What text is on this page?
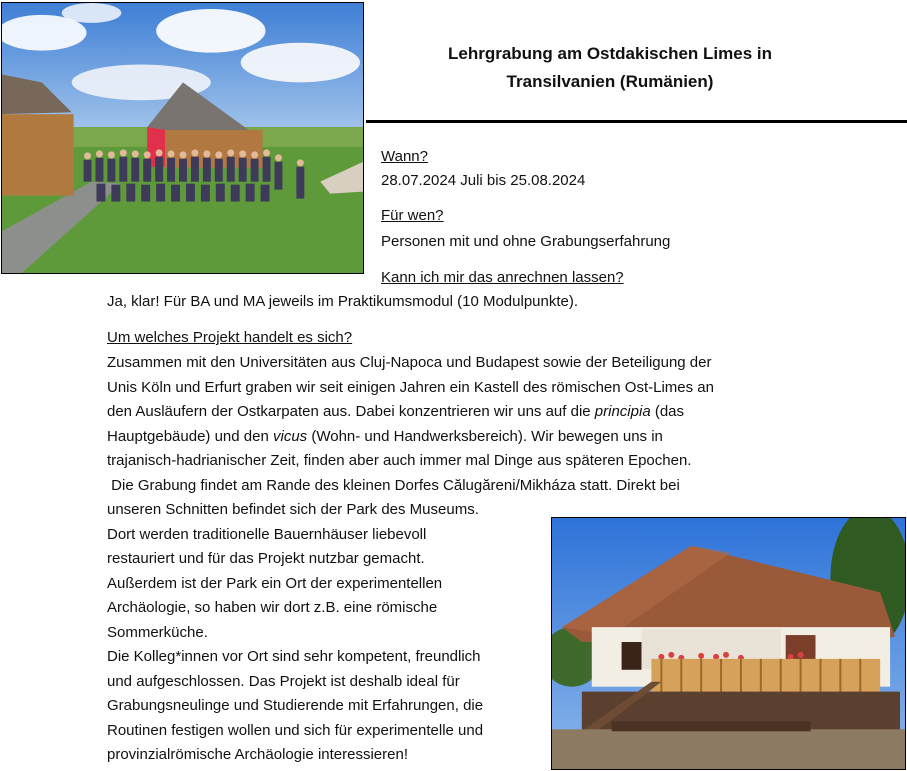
Lehrgrabung am Ostdakischen Limes in
Transilvanien (Rumänien)
Wann?
28.07.2024 Juli bis 25.08.2024
Für wen?
Personen mit und ohne Grabungserfahrung
Kann ich mir das anrechnen lassen?
Ja, klar! Für BA und MA jeweils im Praktikumsmodul (10 Modulpunkte).
Um welches Projekt handelt es sich?
Zusammen mit den Universitäten aus Cluj-Napoca und Budapest sowie der Beteiligung der
Unis Köln und Erfurt graben wir seit einigen Jahren ein Kastell des römischen Ost-Limes an
den Ausläufern der Ostkarpaten aus. Dabei konzentrieren wir uns auf die principia (das
Hauptgebäude) und den vicus (Wohn- und Handwerksbereich). Wir bewegen uns in
trajanisch-hadrianischer Zeit, finden aber auch immer mal Dinge aus späteren Epochen.
Die Grabung findet am Rande des kleinen Dorfes Călugăreni/Mikháza statt. Direkt bei
unseren Schnitten befindet sich der Park des Museums.
Dort werden traditionelle Bauernhäuser liebevoll
restauriert und für das Projekt nutzbar gemacht.
Außerdem ist der Park ein Ort der experimentellen
Archäologie, so haben wir dort z.B. eine römische
Sommerküche.
Die Kolleg*innen vor Ort sind sehr kompetent, freundlich
und aufgeschlossen. Das Projekt ist deshalb ideal für
Grabungsneulinge und Studierende mit Erfahrungen, die
Routinen festigen wollen und sich für experimentelle und
provinzialrömische Archäologie interessieren!
